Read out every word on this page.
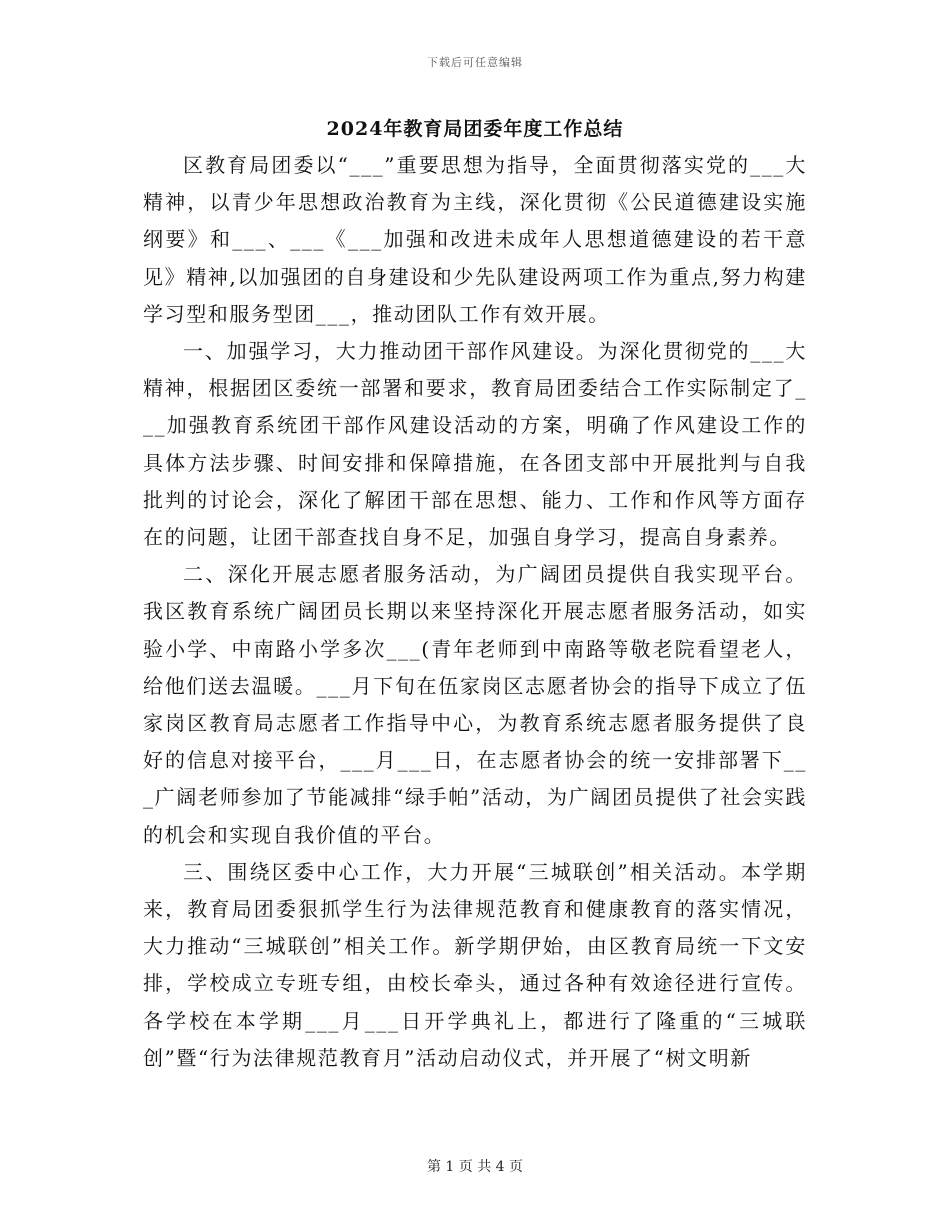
下载后可任意编辑
2024年教育局团委年度工作总结

区教育局团委以“___”重要思想为指导，全面贯彻落实党的___大精神，以青少年思想政治教育为主线，深化贯彻《公民道德建设实施纲要》和___、___《___加强和改进未成年人思想道德建设的若干意见》精神,以加强团的自身建设和少先队建设两项工作为重点,努力构建学习型和服务型团___，推动团队工作有效开展。

一、加强学习，大力推动团干部作风建设。为深化贯彻党的___大精神，根据团区委统一部署和要求，教育局团委结合工作实际制定了___加强教育系统团干部作风建设活动的方案，明确了作风建设工作的具体方法步骤、时间安排和保障措施，在各团支部中开展批判与自我批判的讨论会，深化了解团干部在思想、能力、工作和作风等方面存在的问题，让团干部查找自身不足，加强自身学习，提高自身素养。

二、深化开展志愿者服务活动，为广阔团员提供自我实现平台。我区教育系统广阔团员长期以来坚持深化开展志愿者服务活动，如实验小学、中南路小学多次___(青年老师到中南路等敬老院看望老人，给他们送去温暖。___月下旬在伍家岗区志愿者协会的指导下成立了伍家岗区教育局志愿者工作指导中心，为教育系统志愿者服务提供了良好的信息对接平台，___月___日，在志愿者协会的统一安排部署下___广阔老师参加了节能减排“绿手帕”活动，为广阔团员提供了社会实践的机会和实现自我价值的平台。

三、围绕区委中心工作，大力开展“三城联创”相关活动。本学期来，教育局团委狠抓学生行为法律规范教育和健康教育的落实情况，大力推动“三城联创”相关工作。新学期伊始，由区教育局统一下文安排，学校成立专班专组，由校长牵头，通过各种有效途径进行宣传。各学校在本学期___月___日开学典礼上，都进行了隆重的“三城联创”暨“行为法律规范教育月”活动启动仪式，并开展了“树文明新

第 1 页 共 4 页
